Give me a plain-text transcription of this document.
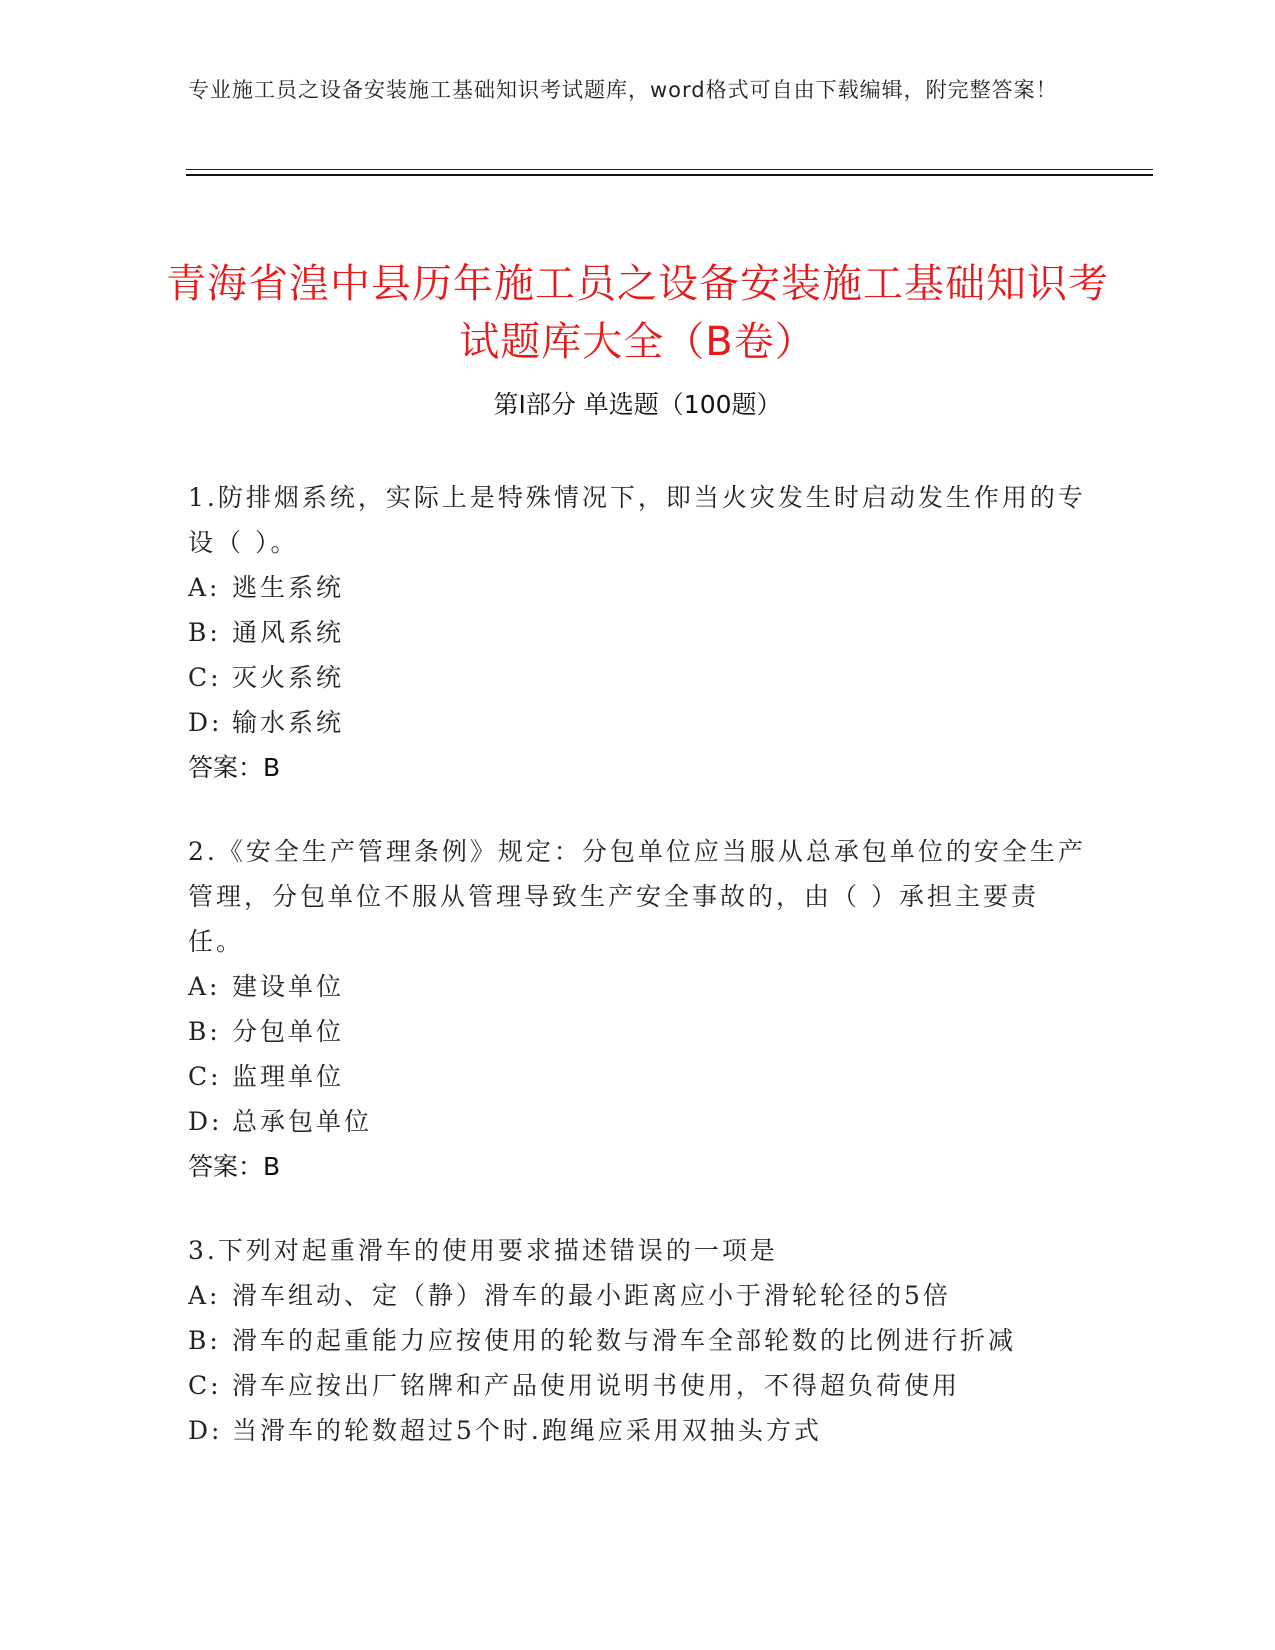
专业施工员之设备安装施工基础知识考试题库，word格式可自由下载编辑，附完整答案！
青海省湟中县历年施工员之设备安装施工基础知识考试题库大全（B卷）
第I部分 单选题（100题）

1.防排烟系统，实际上是特殊情况下，即当火灾发生时启动发生作用的专设（ ）。

A: 逃生系统

B: 通风系统

C: 灭火系统

D: 输水系统

答案：B

2.《安全生产管理条例》规定：分包单位应当服从总承包单位的安全生产管理，分包单位不服从管理导致生产安全事故的，由（ ）承担主要责任。

A: 建设单位

B: 分包单位

C: 监理单位

D: 总承包单位

答案：B

3.下列对起重滑车的使用要求描述错误的一项是

A: 滑车组动、定（静）滑车的最小距离应小于滑轮轮径的5倍

B: 滑车的起重能力应按使用的轮数与滑车全部轮数的比例进行折减

C: 滑车应按出厂铭牌和产品使用说明书使用，不得超负荷使用

D: 当滑车的轮数超过5个时.跑绳应采用双抽头方式
